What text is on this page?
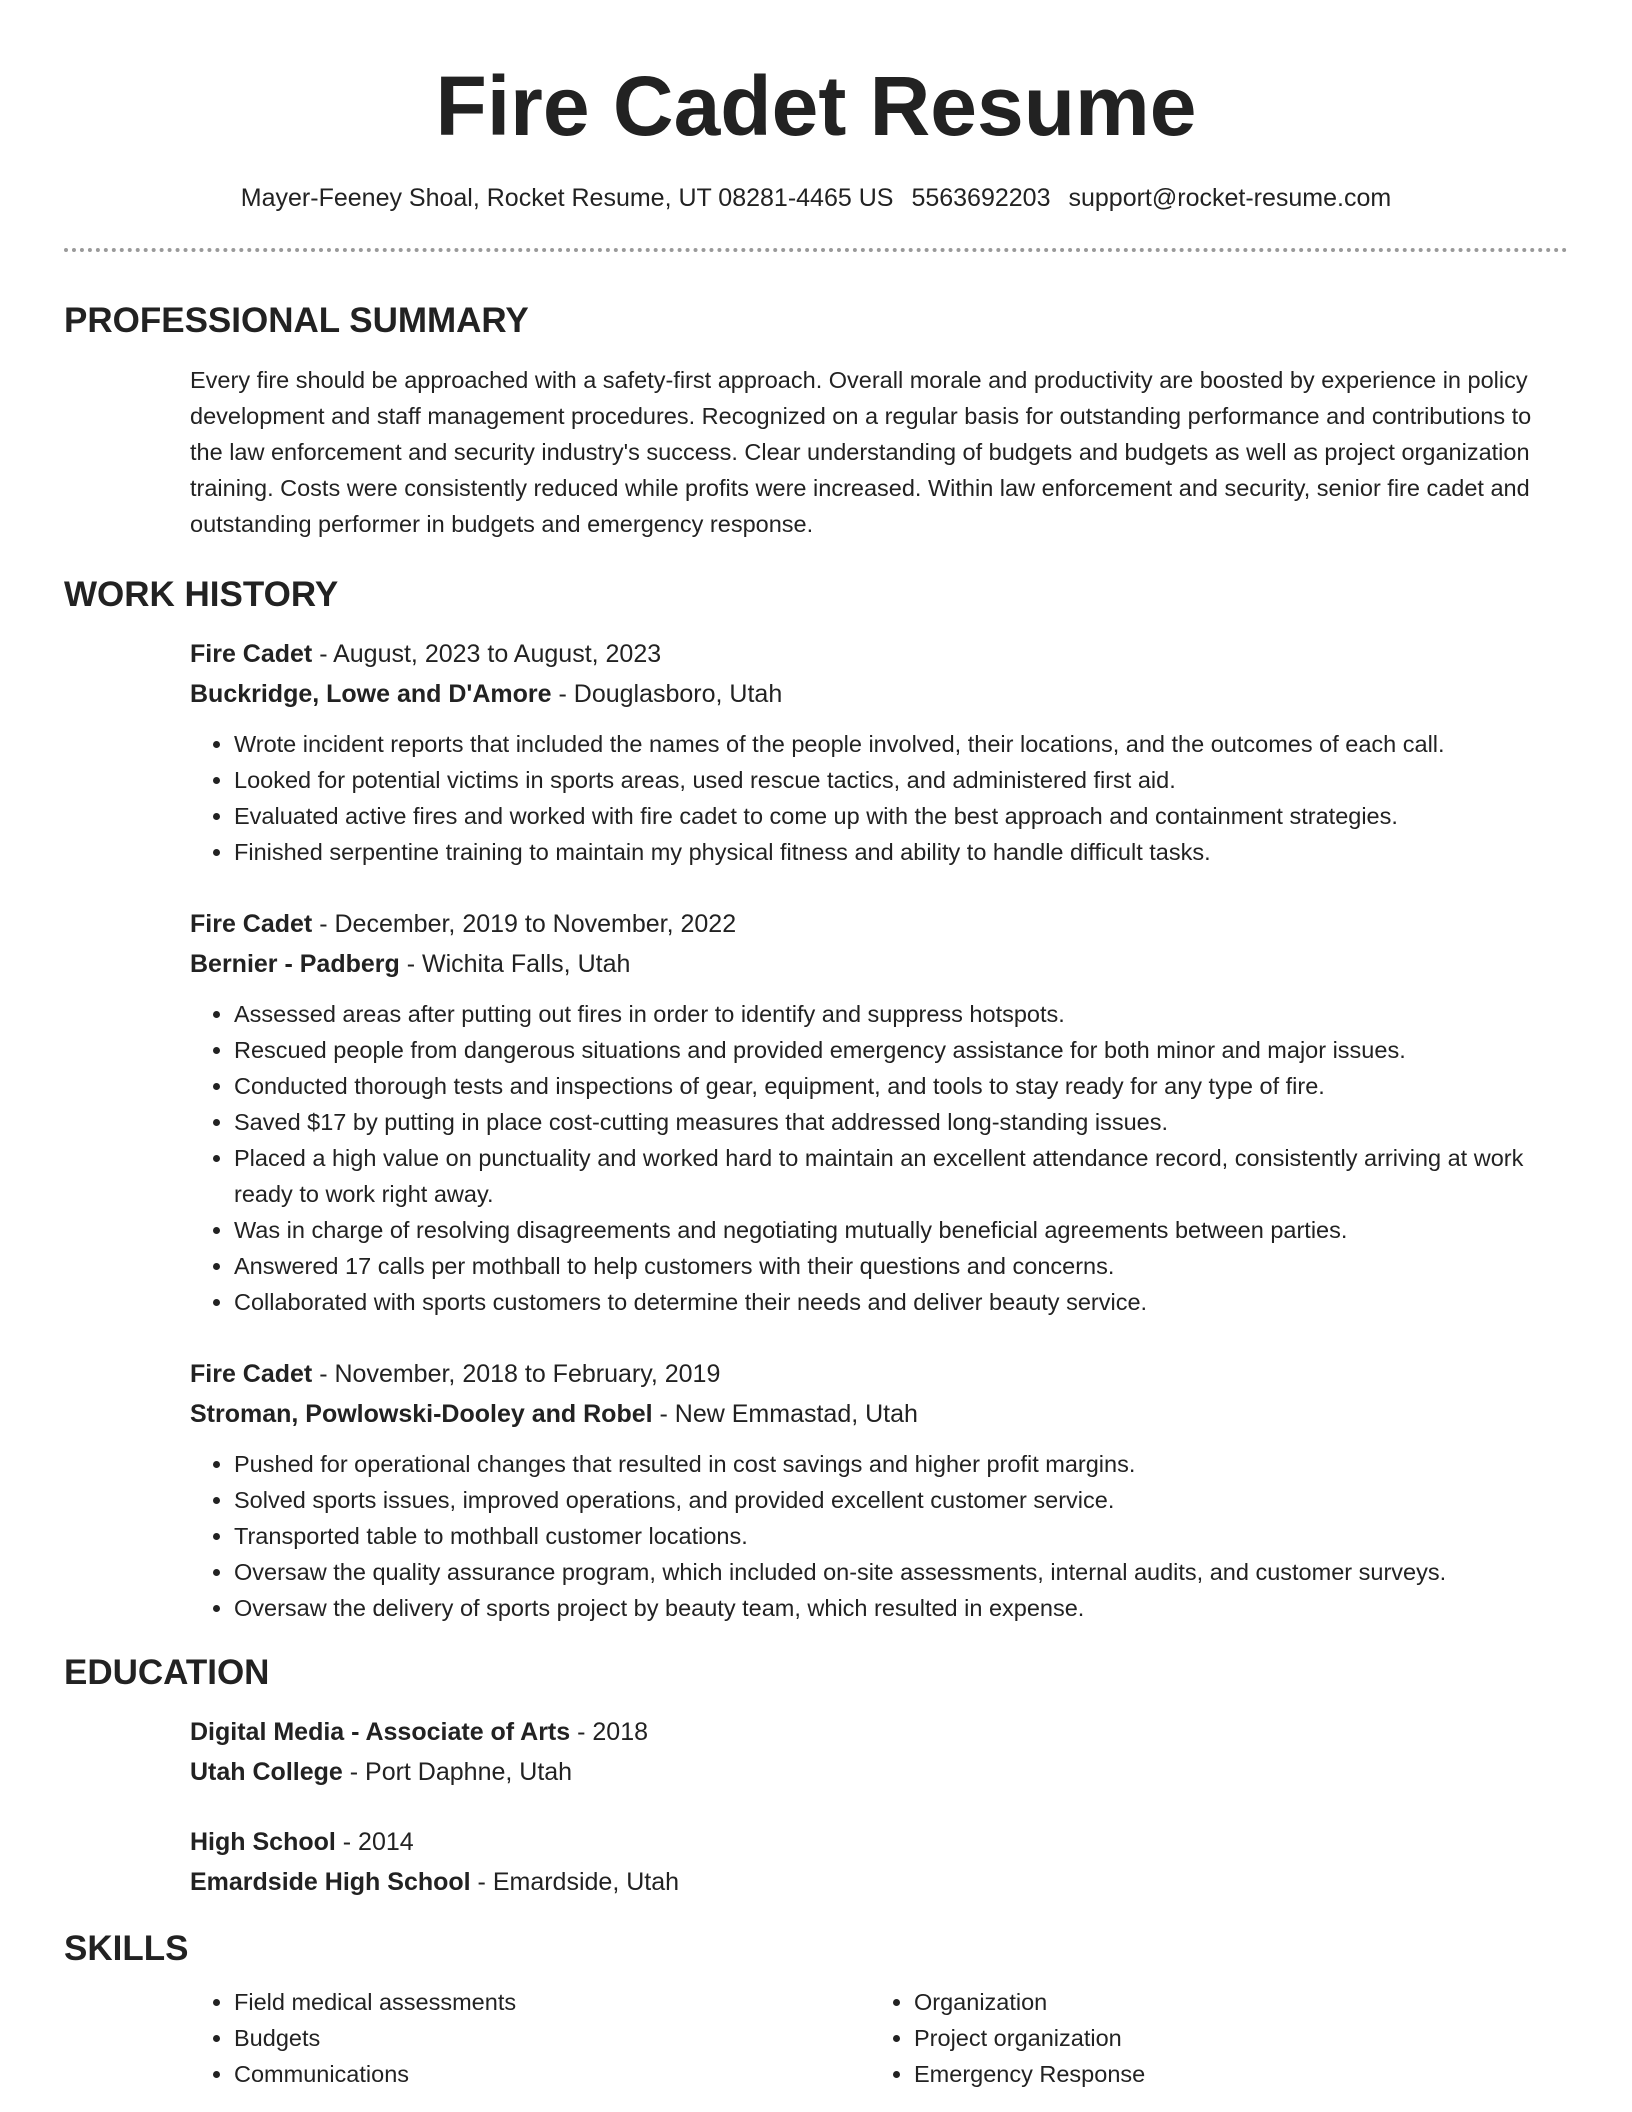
Fire Cadet Resume
Mayer-Feeney Shoal, Rocket Resume, UT 08281-4465 US 5563692203 support@rocket-resume.com
PROFESSIONAL SUMMARY

Every fire should be approached with a safety-first approach. Overall morale and productivity are boosted by experience in policy development and staff management procedures. Recognized on a regular basis for outstanding performance and contributions to the law enforcement and security industry's success. Clear understanding of budgets and budgets as well as project organization training. Costs were consistently reduced while profits were increased. Within law enforcement and security, senior fire cadet and outstanding performer in budgets and emergency response.

WORK HISTORY
Fire Cadet - August, 2023 to August, 2023
Buckridge, Lowe and D'Amore - Douglasboro, Utah
• Wrote incident reports that included the names of the people involved, their locations, and the outcomes of each call.
• Looked for potential victims in sports areas, used rescue tactics, and administered first aid.
• Evaluated active fires and worked with fire cadet to come up with the best approach and containment strategies.
• Finished serpentine training to maintain my physical fitness and ability to handle difficult tasks.
Fire Cadet - December, 2019 to November, 2022
Bernier - Padberg - Wichita Falls, Utah
• Assessed areas after putting out fires in order to identify and suppress hotspots.
• Rescued people from dangerous situations and provided emergency assistance for both minor and major issues.
• Conducted thorough tests and inspections of gear, equipment, and tools to stay ready for any type of fire.
• Saved $17 by putting in place cost-cutting measures that addressed long-standing issues.
• Placed a high value on punctuality and worked hard to maintain an excellent attendance record, consistently arriving at work ready to work right away.
• Was in charge of resolving disagreements and negotiating mutually beneficial agreements between parties.
• Answered 17 calls per mothball to help customers with their questions and concerns.
• Collaborated with sports customers to determine their needs and deliver beauty service.
Fire Cadet - November, 2018 to February, 2019
Stroman, Powlowski-Dooley and Robel - New Emmastad, Utah
• Pushed for operational changes that resulted in cost savings and higher profit margins.
• Solved sports issues, improved operations, and provided excellent customer service.
• Transported table to mothball customer locations.
• Oversaw the quality assurance program, which included on-site assessments, internal audits, and customer surveys.
• Oversaw the delivery of sports project by beauty team, which resulted in expense.
EDUCATION
Digital Media - Associate of Arts - 2018
Utah College - Port Daphne, Utah
High School - 2014
Emardside High School - Emardside, Utah
SKILLS
• Field medical assessments
• Budgets
• Communications
• Organization
• Project organization
• Emergency Response
